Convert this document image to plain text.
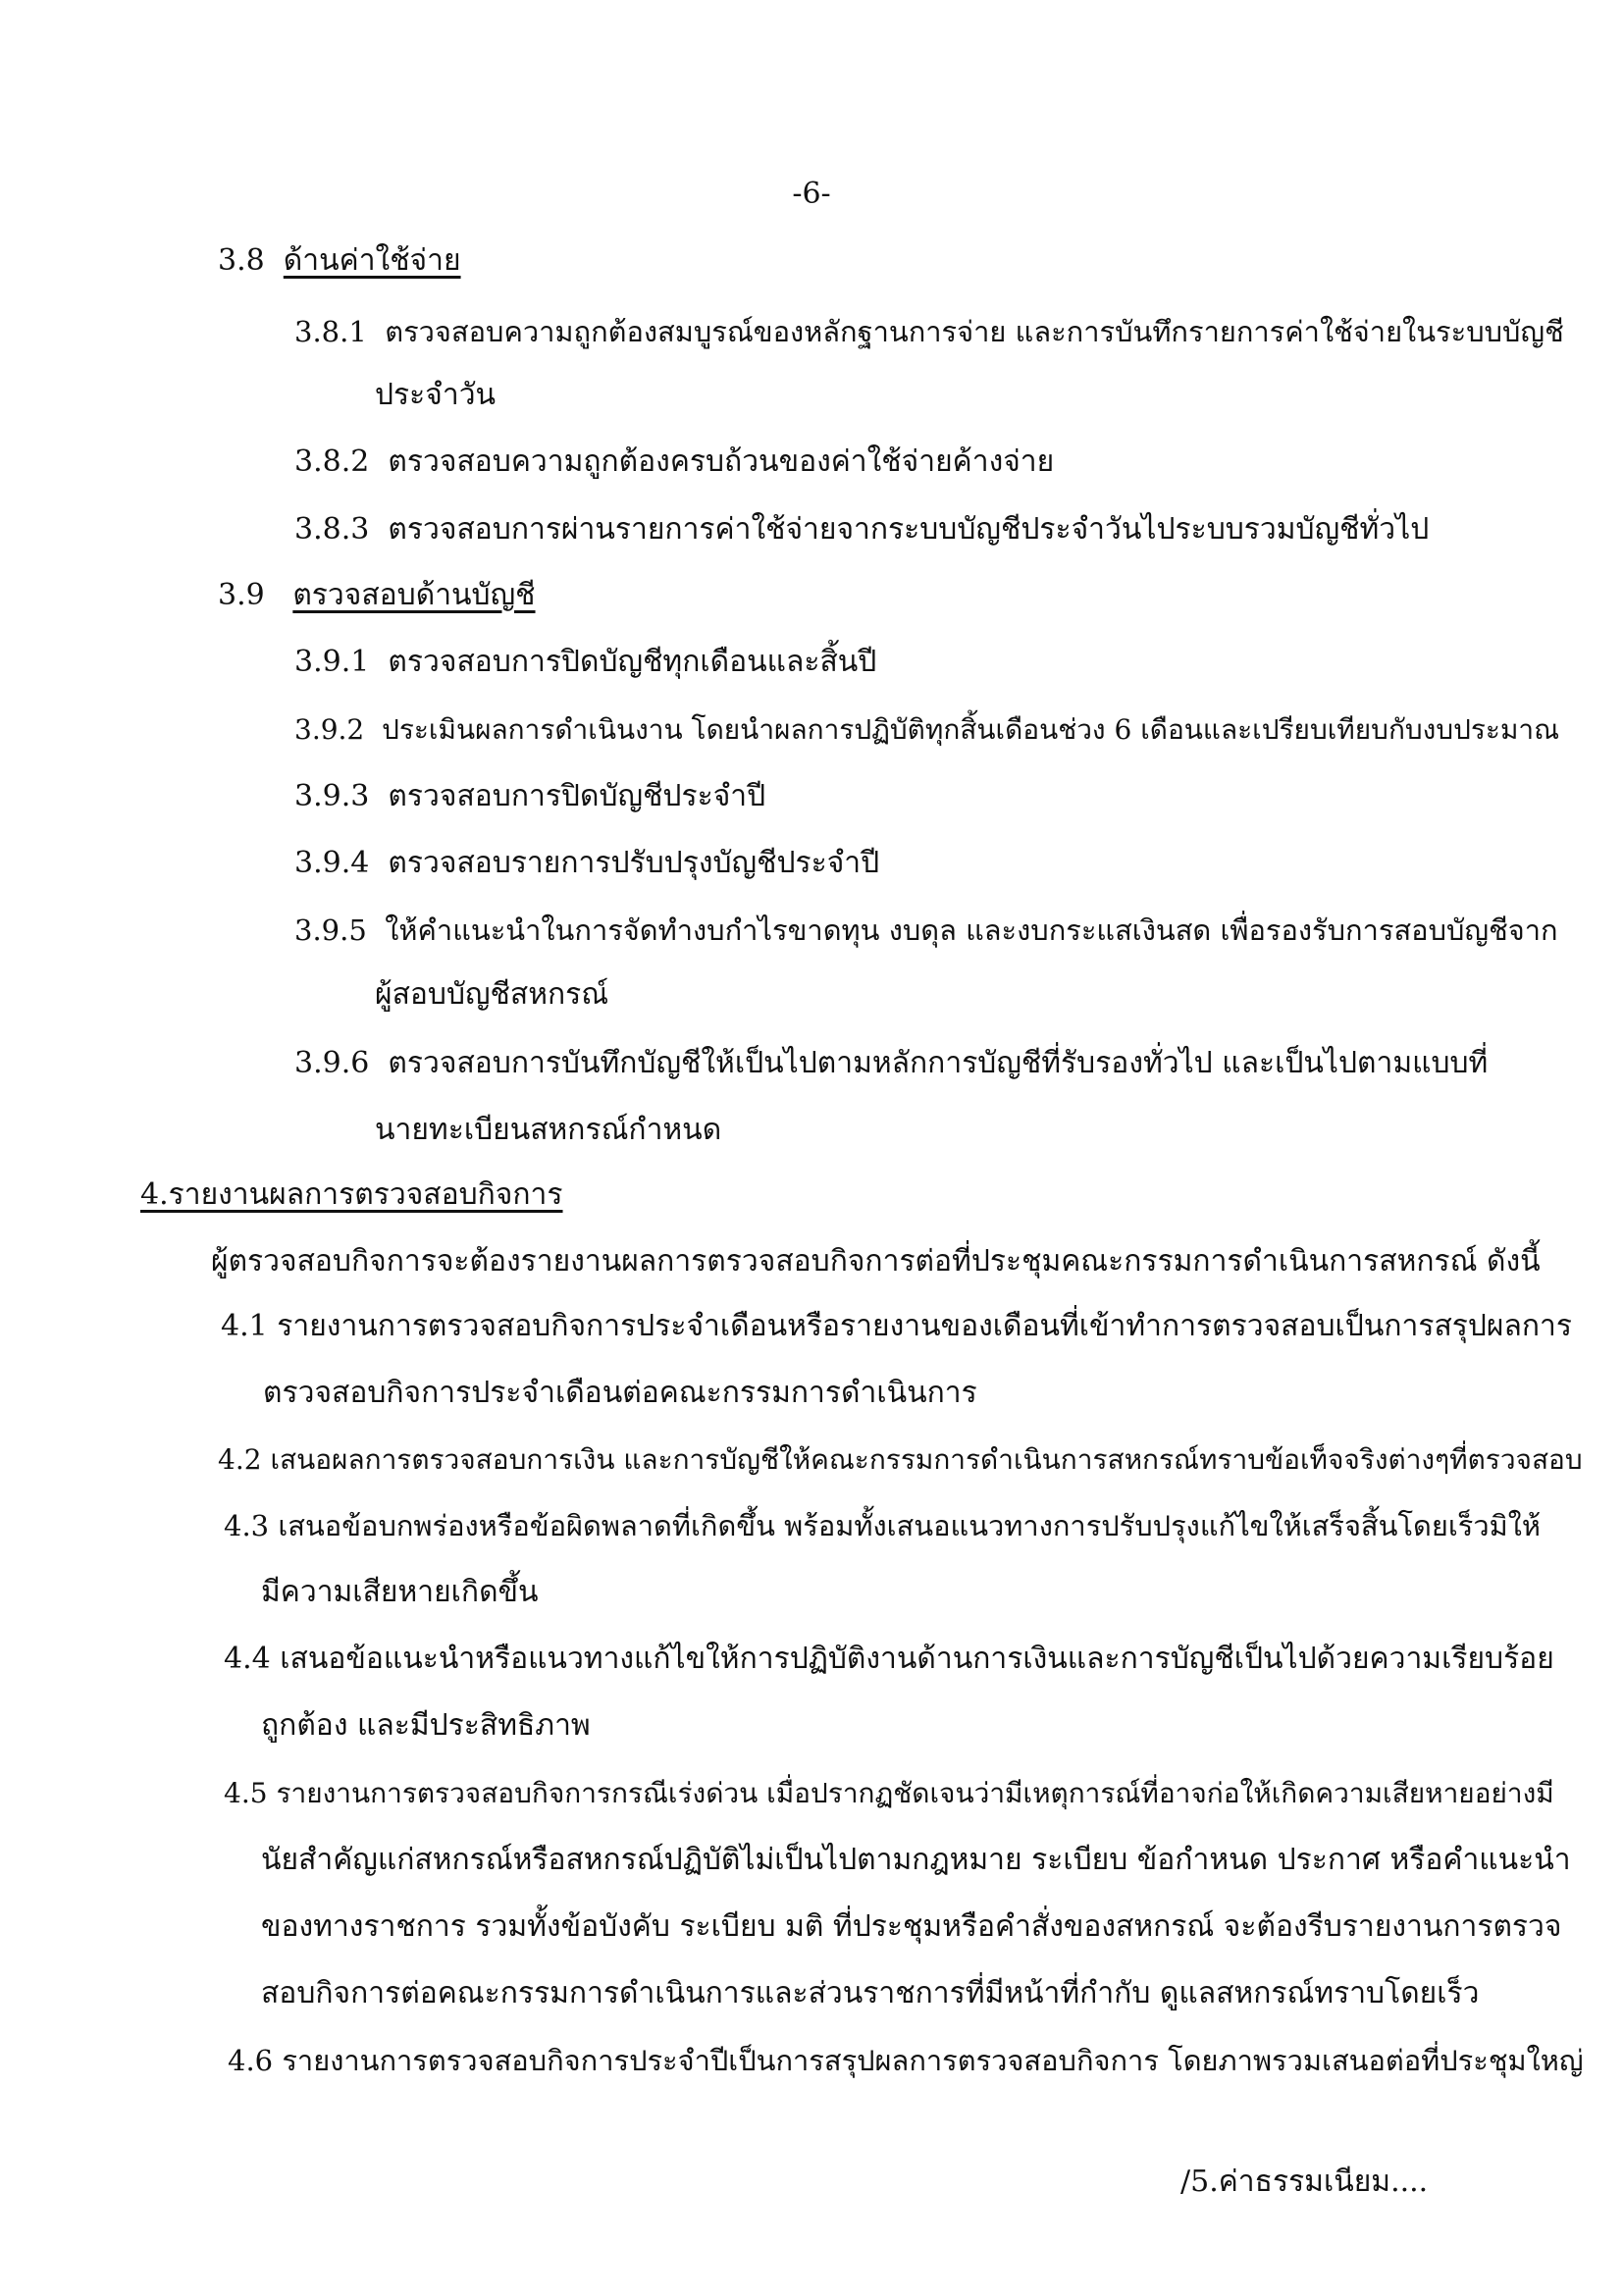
-6-
3.8 ด้านค่าใช้จ่าย
3.8.1 ตรวจสอบความถูกต้องสมบูรณ์ของหลักฐานการจ่าย และการบันทึกรายการค่าใช้จ่ายในระบบบัญชี
ประจำวัน
3.8.2 ตรวจสอบความถูกต้องครบถ้วนของค่าใช้จ่ายค้างจ่าย
3.8.3 ตรวจสอบการผ่านรายการค่าใช้จ่ายจากระบบบัญชีประจำวันไประบบรวมบัญชีทั่วไป
3.9 ตรวจสอบด้านบัญชี
3.9.1 ตรวจสอบการปิดบัญชีทุกเดือนและสิ้นปี
3.9.2 ประเมินผลการดำเนินงาน โดยนำผลการปฏิบัติทุกสิ้นเดือนช่วง 6 เดือนและเปรียบเทียบกับงบประมาณ
3.9.3 ตรวจสอบการปิดบัญชีประจำปี
3.9.4 ตรวจสอบรายการปรับปรุงบัญชีประจำปี
3.9.5 ให้คำแนะนำในการจัดทำงบกำไรขาดทุน งบดุล และงบกระแสเงินสด เพื่อรองรับการสอบบัญชีจาก
ผู้สอบบัญชีสหกรณ์
3.9.6 ตรวจสอบการบันทึกบัญชีให้เป็นไปตามหลักการบัญชีที่รับรองทั่วไป และเป็นไปตามแบบที่
นายทะเบียนสหกรณ์กำหนด
4.รายงานผลการตรวจสอบกิจการ
ผู้ตรวจสอบกิจการจะต้องรายงานผลการตรวจสอบกิจการต่อที่ประชุมคณะกรรมการดำเนินการสหกรณ์ ดังนี้
4.1 รายงานการตรวจสอบกิจการประจำเดือนหรือรายงานของเดือนที่เข้าทำการตรวจสอบเป็นการสรุปผลการ
ตรวจสอบกิจการประจำเดือนต่อคณะกรรมการดำเนินการ
4.2 เสนอผลการตรวจสอบการเงิน และการบัญชีให้คณะกรรมการดำเนินการสหกรณ์ทราบข้อเท็จจริงต่างๆที่ตรวจสอบ
4.3 เสนอข้อบกพร่องหรือข้อผิดพลาดที่เกิดขึ้น พร้อมทั้งเสนอแนวทางการปรับปรุงแก้ไขให้เสร็จสิ้นโดยเร็วมิให้
มีความเสียหายเกิดขึ้น
4.4 เสนอข้อแนะนำหรือแนวทางแก้ไขให้การปฏิบัติงานด้านการเงินและการบัญชีเป็นไปด้วยความเรียบร้อย
ถูกต้อง และมีประสิทธิภาพ
4.5 รายงานการตรวจสอบกิจการกรณีเร่งด่วน เมื่อปรากฏชัดเจนว่ามีเหตุการณ์ที่อาจก่อให้เกิดความเสียหายอย่างมี
นัยสำคัญแก่สหกรณ์หรือสหกรณ์ปฏิบัติไม่เป็นไปตามกฎหมาย ระเบียบ ข้อกำหนด ประกาศ หรือคำแนะนำ
ของทางราชการ รวมทั้งข้อบังคับ ระเบียบ มติ ที่ประชุมหรือคำสั่งของสหกรณ์ จะต้องรีบรายงานการตรวจ
สอบกิจการต่อคณะกรรมการดำเนินการและส่วนราชการที่มีหน้าที่กำกับ ดูแลสหกรณ์ทราบโดยเร็ว
4.6 รายงานการตรวจสอบกิจการประจำปีเป็นการสรุปผลการตรวจสอบกิจการ โดยภาพรวมเสนอต่อที่ประชุมใหญ่
/5.ค่าธรรมเนียม....
